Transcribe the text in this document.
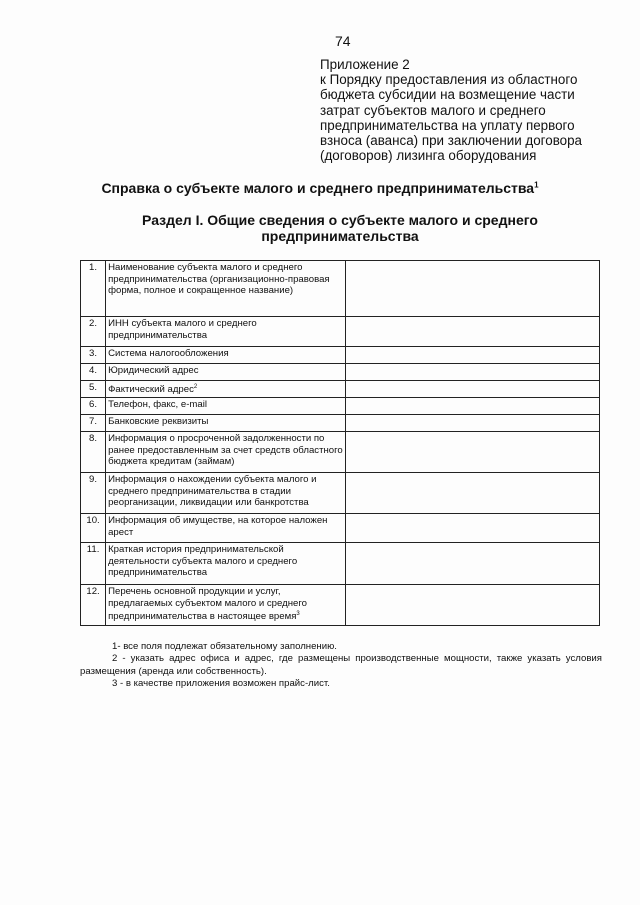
74
Приложение 2
к Порядку предоставления из областного
бюджета субсидии на возмещение части
затрат субъектов малого и среднего
предпринимательства на уплату первого
взноса (аванса) при заключении договора
(договоров) лизинга оборудования
Справка о субъекте малого и среднего предпринимательства$^1$
Раздел I. Общие сведения о субъекте малого и среднего
предпринимательства
1.	Наименование субъекта малого и среднего предпринимательства (организационно-правовая форма, полное и сокращенное название)	
2.	ИНН субъекта малого и среднего предпринимательства	
3.	Система налогообложения	
4.	Юридический адрес	
5.	Фактический адрес$^2$	
6.	Телефон, факс, e-mail	
7.	Банковские реквизиты	
8.	Информация о просроченной задолженности по ранее предоставленным за счет средств областного бюджета кредитам (займам)	
9.	Информация о нахождении субъекта малого и среднего предпринимательства в стадии реорганизации, ликвидации или банкротства	
10.	Информация об имуществе, на которое наложен арест	
11.	Краткая история предпринимательской деятельности субъекта малого и среднего предпринимательства	
12.	Перечень основной продукции и услуг, предлагаемых субъектом малого и среднего предпринимательства в настоящее время$^3$	
1- все поля подлежат обязательному заполнению.
2 - указать адрес офиса и адрес, где размещены производственные мощности, также указать условия размещения (аренда или собственность).
3 - в качестве приложения возможен прайс-лист.
